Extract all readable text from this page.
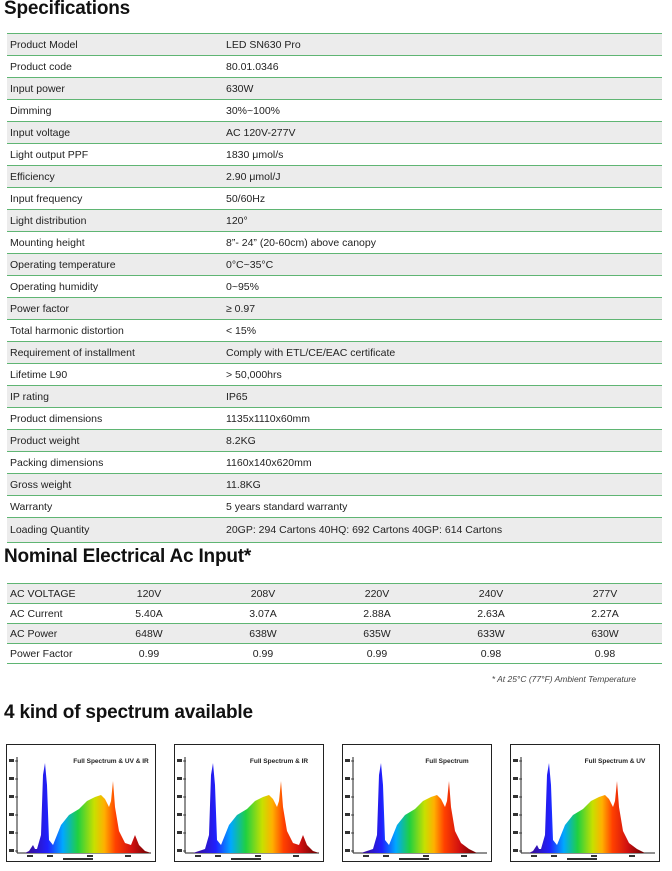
Specifications
Product Model	LED SN630 Pro
Product code	80.01.0346
Input power	630W
Dimming	30%~100%
Input voltage	AC 120V-277V
Light output PPF	1830 μmol/s
Efficiency	2.90 μmol/J
Input frequency	50/60Hz
Light distribution	120°
Mounting height	8”- 24” (20-60cm) above canopy
Operating temperature	0°C~35°C
Operating humidity	0~95%
Power factor	≥ 0.97
Total harmonic distortion	< 15%
Requirement of installment	Comply with ETL/CE/EAC certificate
Lifetime L90	> 50,000hrs
IP rating	IP65
Product dimensions	1135x1110x60mm
Product weight	8.2KG
Packing dimensions	1160x140x620mm
Gross weight	11.8KG
Warranty	5 years standard warranty
Loading Quantity	20GP: 294 Cartons 40HQ: 692 Cartons 40GP: 614 Cartons
Nominal Electrical Ac Input*
AC VOLTAGE	120V	208V	220V	240V	277V
AC Current	5.40A	3.07A	2.88A	2.63A	2.27A
AC Power	648W	638W	635W	633W	630W
Power Factor	0.99	0.99	0.99	0.98	0.98
* At 25°C (77°F) Ambient Temperature
4 kind of spectrum available
Full Spectrum & UV & IR	Full Spectrum & IR	Full Spectrum	Full Spectrum & UV
